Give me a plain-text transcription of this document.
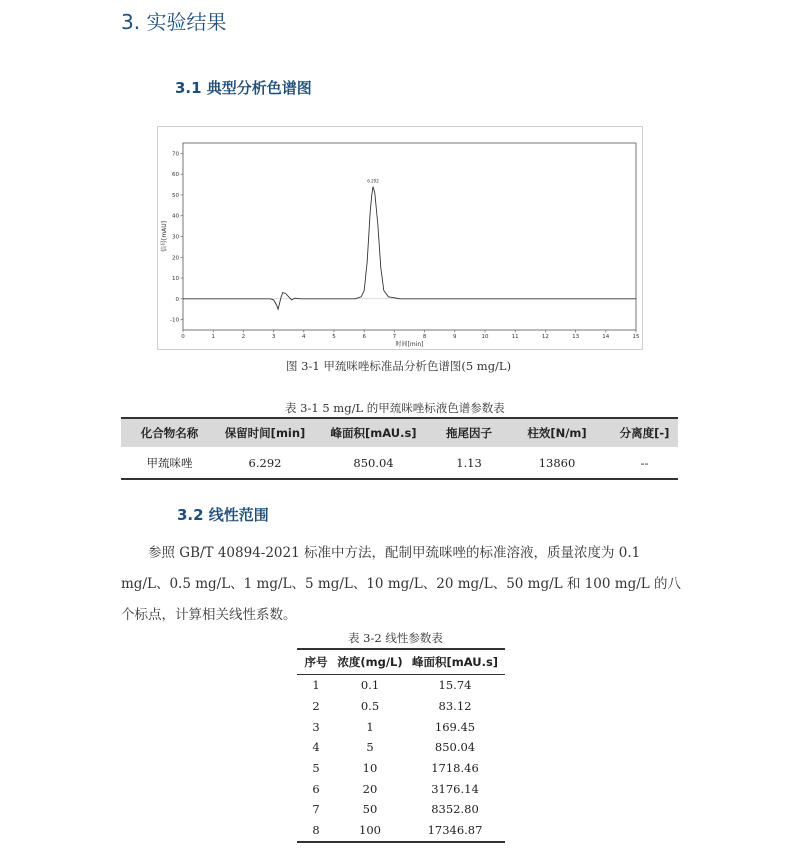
3. 实验结果
3.1 典型分析色谱图
0	1	2	3	4	5	6	7	8	9	10	11	12	13	14	15
-10
0
10
20
30
40
50
60
70
6.292
时间[min]
信号[mAU]
图 3-1 甲巯咪唑标准品分析色谱图(5 mg/L)
表 3-1 5 mg/L 的甲巯咪唑标液色谱参数表
化合物名称	保留时间[min]	峰面积[mAU.s]	拖尾因子	柱效[N/m]	分离度[-]
甲巯咪唑	6.292	850.04	1.13	13860	--
3.2 线性范围
参照 GB/T 40894-2021 标准中方法，配制甲巯咪唑的标准溶液，质量浓度为 0.1 mg/L、0.5 mg/L、1 mg/L、5 mg/L、10 mg/L、20 mg/L、50 mg/L 和 100 mg/L 的八个标点，计算相关线性系数。
表 3-2 线性参数表
序号	浓度(mg/L)	峰面积[mAU.s]
1	0.1	15.74
2	0.5	83.12
3	1	169.45
4	5	850.04
5	10	1718.46
6	20	3176.14
7	50	8352.80
8	100	17346.87
